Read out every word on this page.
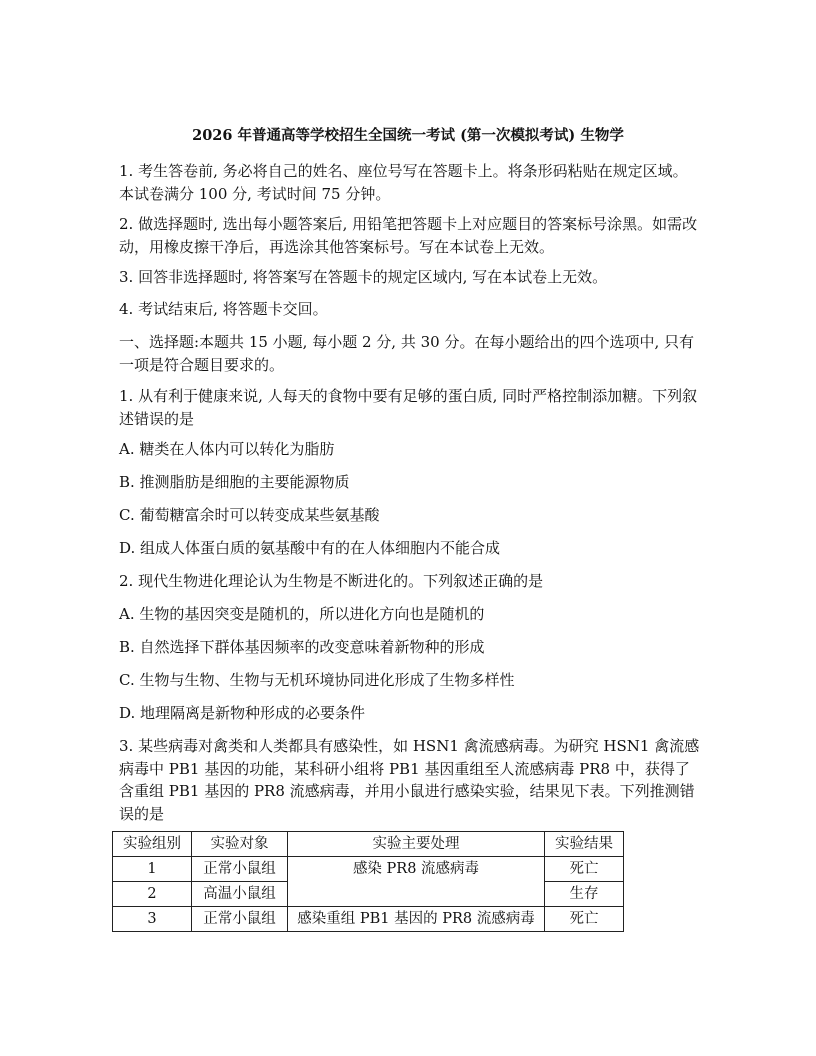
2026 年普通高等学校招生全国统一考试 (第一次模拟考试) 生物学
1. 考生答卷前, 务必将自己的姓名、座位号写在答题卡上。将条形码粘贴在规定区域。 本试卷满分 100 分, 考试时间 75 分钟。
2. 做选择题时, 选出每小题答案后, 用铅笔把答题卡上对应题目的答案标号涂黑。如需改动，用橡皮擦干净后，再选涂其他答案标号。写在本试卷上无效。
3. 回答非选择题时, 将答案写在答题卡的规定区域内, 写在本试卷上无效。
4. 考试结束后, 将答题卡交回。
一、选择题:本题共 15 小题, 每小题 2 分, 共 30 分。在每小题给出的四个选项中, 只有一项是符合题目要求的。
1. 从有利于健康来说, 人每天的食物中要有足够的蛋白质, 同时严格控制添加糖。下列叙述错误的是
A. 糖类在人体内可以转化为脂肪
B. 推测脂肪是细胞的主要能源物质
C. 葡萄糖富余时可以转变成某些氨基酸
D. 组成人体蛋白质的氨基酸中有的在人体细胞内不能合成
2. 现代生物进化理论认为生物是不断进化的。下列叙述正确的是
A. 生物的基因突变是随机的，所以进化方向也是随机的
B. 自然选择下群体基因频率的改变意味着新物种的形成
C. 生物与生物、生物与无机环境协同进化形成了生物多样性
D. 地理隔离是新物种形成的必要条件
3. 某些病毒对禽类和人类都具有感染性，如 HSN1 禽流感病毒。为研究 HSN1 禽流感病毒中 PB1 基因的功能，某科研小组将 PB1 基因重组至人流感病毒 PR8 中，获得了含重组 PB1 基因的 PR8 流感病毒，并用小鼠进行感染实验，结果见下表。下列推测错误的是
实验组别	实验对象	实验主要处理	实验结果
1	正常小鼠组	感染 PR8 流感病毒	死亡
2	高温小鼠组		生存
3	正常小鼠组	感染重组 PB1 基因的 PR8 流感病毒	死亡
